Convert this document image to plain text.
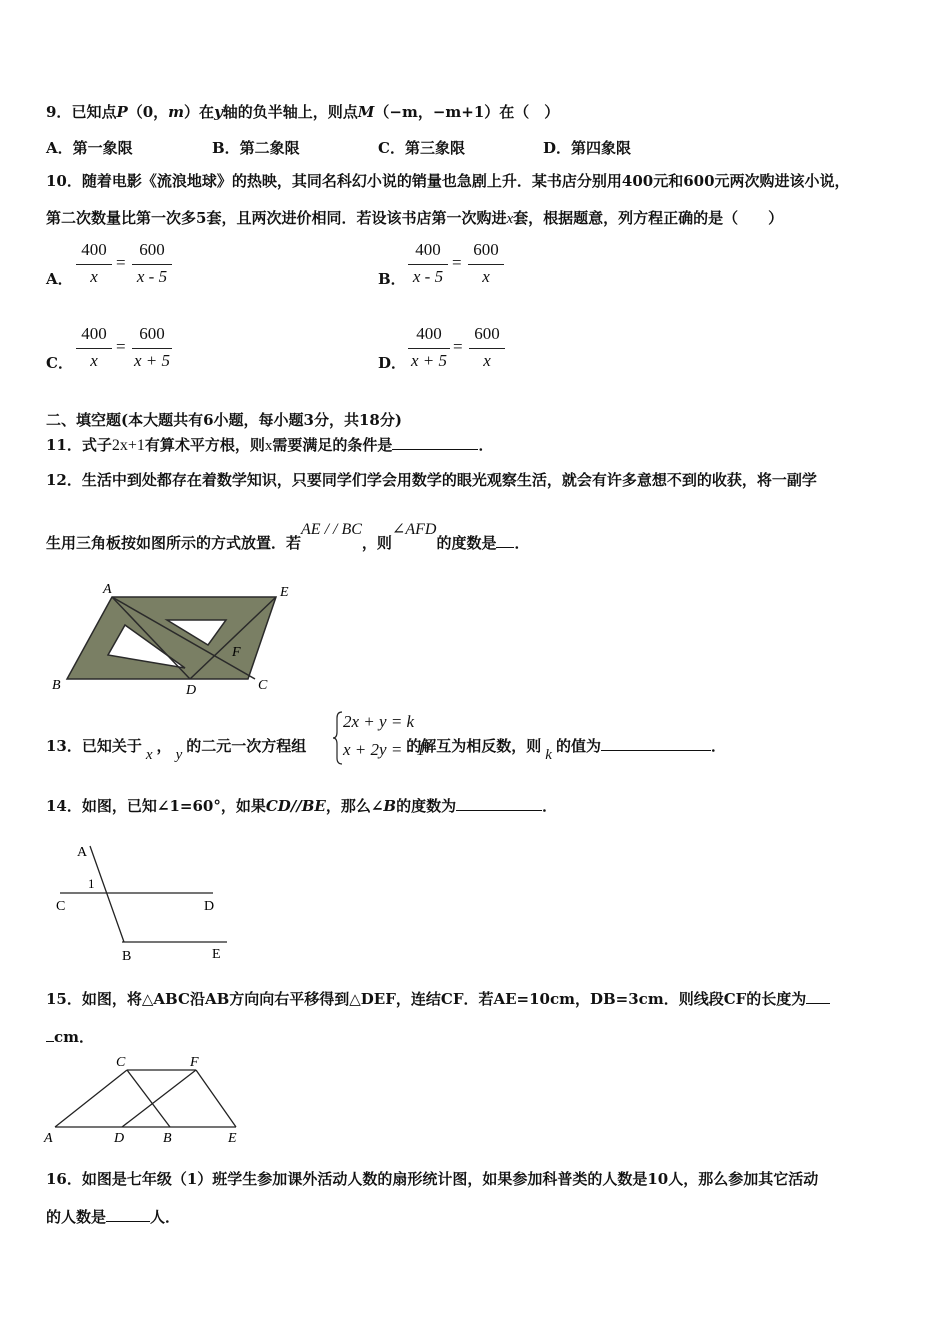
9．已知点P（0，m）在y轴的负半轴上，则点M（−m，−m+1）在（　）
A．第一象限	B．第二象限	C．第三象限	D．第四象限
10．随着电影《流浪地球》的热映，其同名科幻小说的销量也急剧上升．某书店分别用400元和600元两次购进该小说，
第二次数量比第一次多5套，且两次进价相同．若设该书店第一次购进x套，根据题意，列方程正确的是（　　）
A．
400
x
=
600
x - 5	B．
400
x - 5
=
600
x
C．
400
x
=
600
x + 5	D．
400
x + 5
=
600
x
二、填空题(本大题共有6小题，每小题3分，共18分)
11．式子2x+1有算术平方根，则x需要满足的条件是	．
12．生活中到处都存在着数学知识，只要同学们学会用数学的眼光观察生活，就会有许多意想不到的收获，将一副学
生用三角板按如图所示的方式放置．若AE / / BC，则∠AFD的度数是 ．
A	E
F
B	D	C
13．已知关于 x ， y 的二元一次方程组	的解互为相反数，则 k 的值为	．
2x + y = k
x + 2y = - 1
14．如图，已知∠1=60°，如果CD//BE，那么∠B的度数为	．
A
1
C	D
B	E
15．如图，将△ABC沿AB方向向右平移得到△DEF，连结CF．若AE=10cm，DB=3cm．则线段CF的长度为
cm．
C	F
A	D	B	E
16．如图是七年级（1）班学生参加课外活动人数的扇形统计图，如果参加科普类的人数是10人，那么参加其它活动
的人数是	人．
